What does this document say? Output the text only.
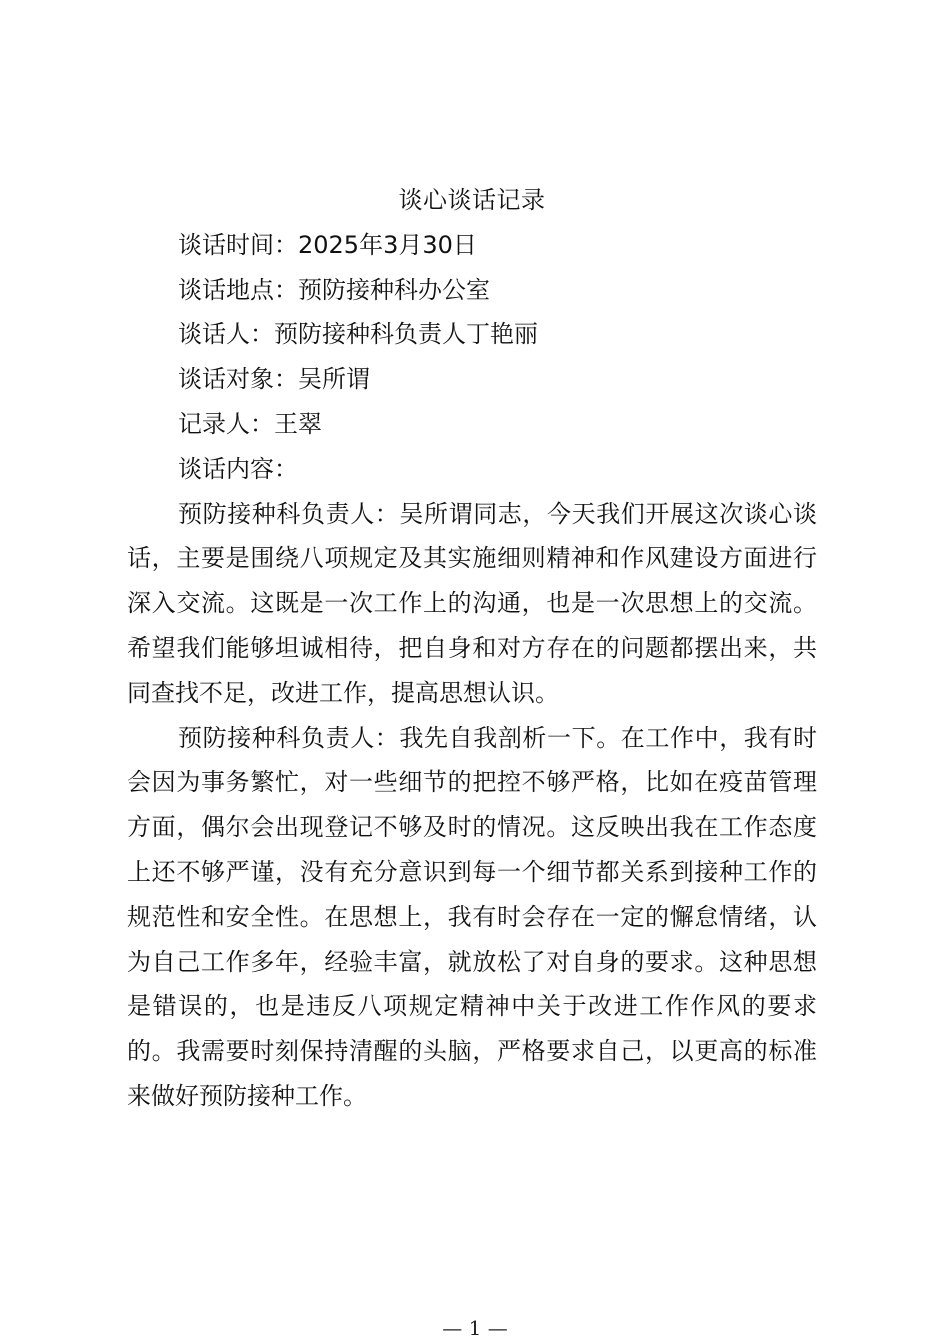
谈心谈话记录

谈话时间：2025年3月30日

谈话地点：预防接种科办公室

谈话人：预防接种科负责人丁艳丽

谈话对象：吴所谓

记录人：王翠

谈话内容：

预防接种科负责人：吴所谓同志，今天我们开展这次谈心谈话，主要是围绕八项规定及其实施细则精神和作风建设方面进行深入交流。这既是一次工作上的沟通，也是一次思想上的交流。希望我们能够坦诚相待，把自身和对方存在的问题都摆出来，共同查找不足，改进工作，提高思想认识。

预防接种科负责人：我先自我剖析一下。在工作中，我有时会因为事务繁忙，对一些细节的把控不够严格，比如在疫苗管理方面，偶尔会出现登记不够及时的情况。这反映出我在工作态度上还不够严谨，没有充分意识到每一个细节都关系到接种工作的规范性和安全性。在思想上，我有时会存在一定的懈怠情绪，认为自己工作多年，经验丰富，就放松了对自身的要求。这种思想是错误的，也是违反八项规定精神中关于改进工作作风的要求的。我需要时刻保持清醒的头脑，严格要求自己，以更高的标准来做好预防接种工作。

— 1 —
